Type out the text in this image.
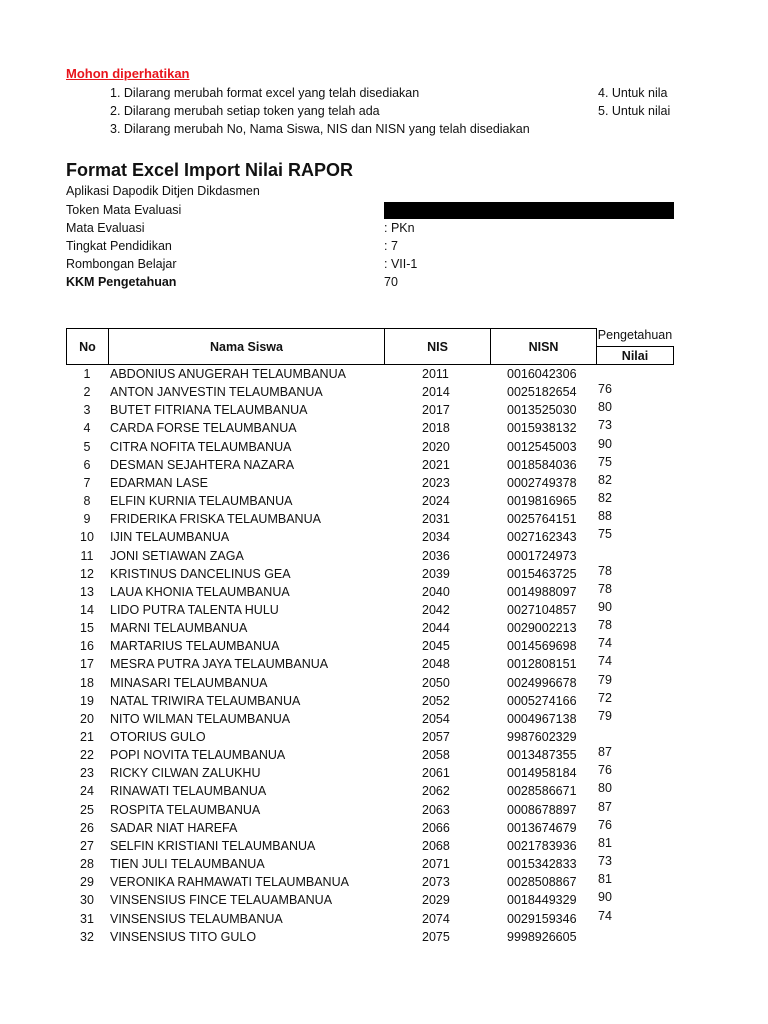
Mohon diperhatikan
1. Dilarang merubah format excel yang telah disediakan
2. Dilarang merubah setiap token yang telah ada
3. Dilarang merubah No, Nama Siswa, NIS dan NISN yang telah disediakan
4. Untuk nila
5. Untuk nilai
Format Excel Import Nilai RAPOR
Aplikasi Dapodik Ditjen Dikdasmen
Token Mata Evaluasi
Mata Evaluasi	: PKn
Tingkat Pendidikan	: 7
Rombongan Belajar	: VII-1
KKM Pengetahuan	70
No	Nama Siswa	NIS	NISN
Pengetahuan
Nilai
1	ABDONIUS ANUGERAH TELAUMBANUA	2011	0016042306
2	ANTON JANVESTIN TELAUMBANUA	2014	0025182654 76
3	BUTET FITRIANA TELAUMBANUA	2017	0013525030 80
4	CARDA FORSE TELAUMBANUA	2018	0015938132 73
5	CITRA NOFITA TELAUMBANUA	2020	0012545003 90
6	DESMAN SEJAHTERA NAZARA	2021	0018584036 75
7	EDARMAN LASE	2023	0002749378 82
8	ELFIN KURNIA TELAUMBANUA	2024	0019816965 82
9	FRIDERIKA FRISKA TELAUMBANUA	2031	0025764151 88
10	IJIN TELAUMBANUA	2034	0027162343 75
11	JONI SETIAWAN ZAGA	2036	0001724973
12	KRISTINUS DANCELINUS GEA	2039	0015463725 78
13	LAUA KHONIA TELAUMBANUA	2040	0014988097 78
14	LIDO PUTRA TALENTA HULU	2042	0027104857 90
15	MARNI TELAUMBANUA	2044	0029002213 78
16	MARTARIUS TELAUMBANUA	2045	0014569698 74
17	MESRA PUTRA JAYA TELAUMBANUA	2048	0012808151 74
18	MINASARI TELAUMBANUA	2050	0024996678 79
19	NATAL TRIWIRA TELAUMBANUA	2052	0005274166 72
20	NITO WILMAN TELAUMBANUA	2054	0004967138 79
21	OTORIUS GULO	2057	9987602329
22	POPI NOVITA TELAUMBANUA	2058	0013487355 87
23	RICKY CILWAN ZALUKHU	2061	0014958184 76
24	RINAWATI TELAUMBANUA	2062	0028586671 80
25	ROSPITA TELAUMBANUA	2063	0008678897 87
26	SADAR NIAT HAREFA	2066	0013674679 76
27	SELFIN KRISTIANI TELAUMBANUA	2068	0021783936 81
28	TIEN JULI TELAUMBANUA	2071	0015342833 73
29	VERONIKA RAHMAWATI TELAUMBANUA	2073	0028508867 81
30	VINSENSIUS FINCE TELAUAMBANUA	2029	0018449329 90
31	VINSENSIUS TELAUMBANUA	2074	0029159346 74
32	VINSENSIUS TITO GULO	2075	9998926605
